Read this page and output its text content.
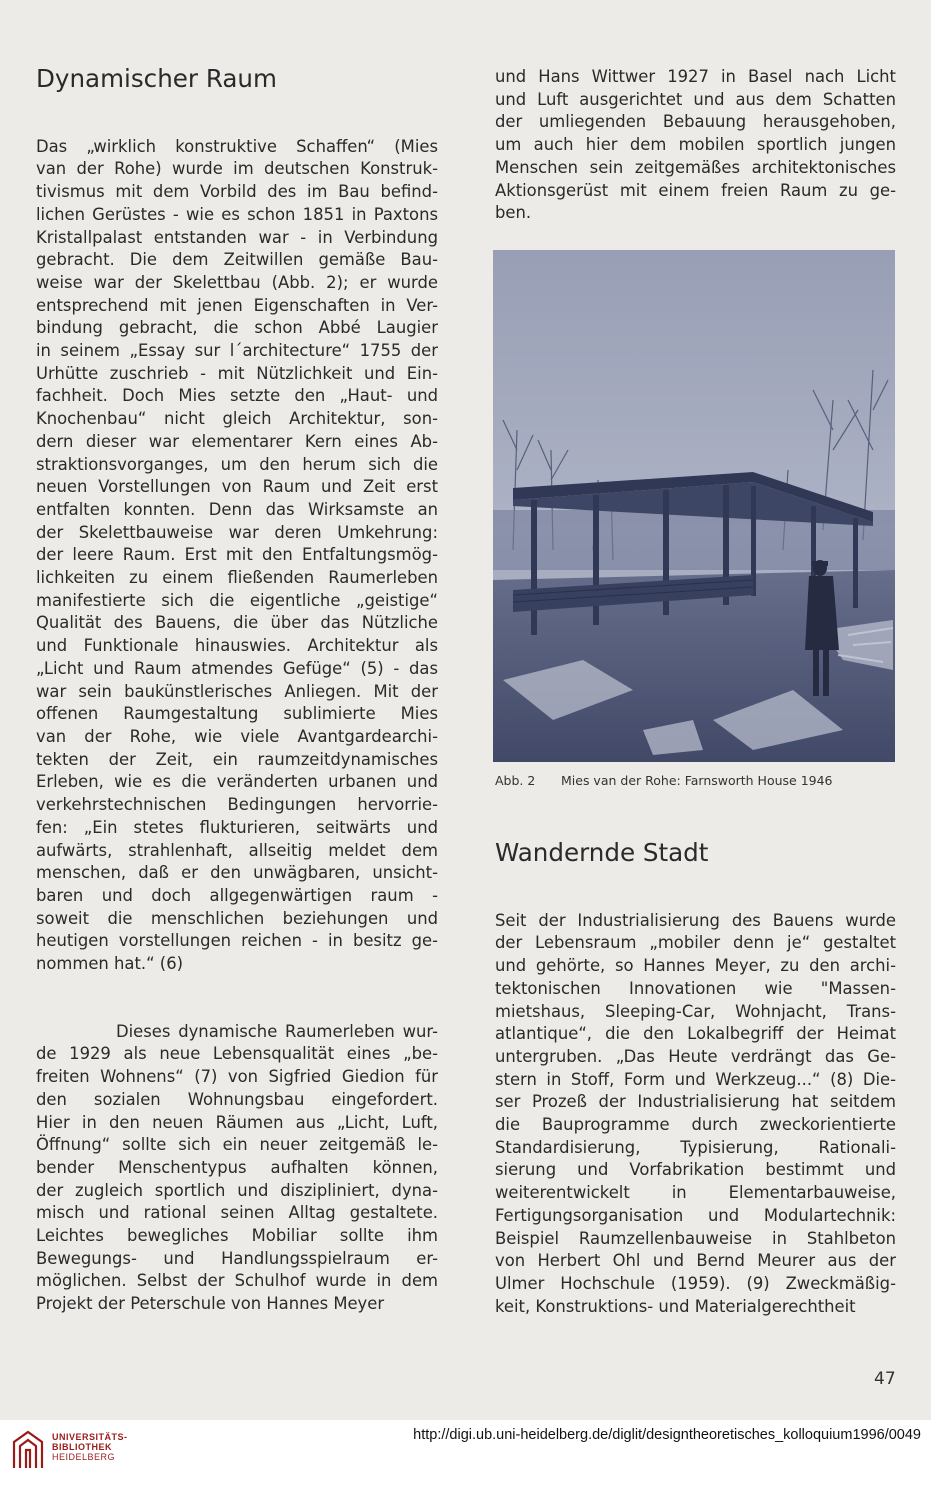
Dynamischer Raum

Das „wirklich konstruktive Schaffen“ (Mies
van der Rohe) wurde im deutschen Konstruk-
tivismus mit dem Vorbild des im Bau befind-
lichen Gerüstes - wie es schon 1851 in Paxtons
Kristallpalast entstanden war - in Verbindung
gebracht. Die dem Zeitwillen gemäße Bau-
weise war der Skelettbau (Abb. 2); er wurde
entsprechend mit jenen Eigenschaften in Ver-
bindung gebracht, die schon Abbé Laugier
in seinem „Essay sur l´architecture“ 1755 der
Urhütte zuschrieb - mit Nützlichkeit und Ein-
fachheit. Doch Mies setzte den „Haut- und
Knochenbau“ nicht gleich Architektur, son-
dern dieser war elementarer Kern eines Ab-
straktionsvorganges, um den herum sich die
neuen Vorstellungen von Raum und Zeit erst
entfalten konnten. Denn das Wirksamste an
der Skelettbauweise war deren Umkehrung:
der leere Raum. Erst mit den Entfaltungsmög-
lichkeiten zu einem fließenden Raumerleben
manifestierte sich die eigentliche „geistige“
Qualität des Bauens, die über das Nützliche
und Funktionale hinauswies. Architektur als
„Licht und Raum atmendes Gefüge“ (5) - das
war sein baukünstlerisches Anliegen. Mit der
offenen Raumgestaltung sublimierte Mies
van der Rohe, wie viele Avantgardearchi-
tekten der Zeit, ein raumzeitdynamisches
Erleben, wie es die veränderten urbanen und
verkehrstechnischen Bedingungen hervorrie-
fen: „Ein stetes flukturieren, seitwärts und
aufwärts, strahlenhaft, allseitig meldet dem
menschen, daß er den unwägbaren, unsicht-
baren und doch allgegenwärtigen raum -
soweit die menschlichen beziehungen und
heutigen vorstellungen reichen - in besitz ge-
nommen hat.“ (6)

Dieses dynamische Raumerleben wur-
de 1929 als neue Lebensqualität eines „be-
freiten Wohnens“ (7) von Sigfried Giedion für
den sozialen Wohnungsbau eingefordert.
Hier in den neuen Räumen aus „Licht, Luft,
Öffnung“ sollte sich ein neuer zeitgemäß le-
bender Menschentypus aufhalten können,
der zugleich sportlich und diszipliniert, dyna-
misch und rational seinen Alltag gestaltete.
Leichtes bewegliches Mobiliar sollte ihm
Bewegungs- und Handlungsspielraum er-
möglichen. Selbst der Schulhof wurde in dem
Projekt der Peterschule von Hannes Meyer

und Hans Wittwer 1927 in Basel nach Licht
und Luft ausgerichtet und aus dem Schatten
der umliegenden Bebauung herausgehoben,
um auch hier dem mobilen sportlich jungen
Menschen sein zeitgemäßes architektonisches
Aktionsgerüst mit einem freien Raum zu ge-
ben.

Abb. 2 Mies van der Rohe: Farnsworth House 1946
Wandernde Stadt

Seit der Industrialisierung des Bauens wurde
der Lebensraum „mobiler denn je“ gestaltet
und gehörte, so Hannes Meyer, zu den archi-
tektonischen Innovationen wie "Massen-
mietshaus, Sleeping-Car, Wohnjacht, Trans-
atlantique“, die den Lokalbegriff der Heimat
untergruben. „Das Heute verdrängt das Ge-
stern in Stoff, Form und Werkzeug...“ (8) Die-
ser Prozeß der Industrialisierung hat seitdem
die Bauprogramme durch zweckorientierte
Standardisierung, Typisierung, Rationali-
sierung und Vorfabrikation bestimmt und
weiterentwickelt in Elementarbauweise,
Fertigungsorganisation und Modulartechnik:
Beispiel Raumzellenbauweise in Stahlbeton
von Herbert Ohl und Bernd Meurer aus der
Ulmer Hochschule (1959). (9) Zweckmäßig-
keit, Konstruktions- und Materialgerechtheit

47
UNIVERSITÄTS-
BIBLIOTHEK
HEIDELBERG
http://digi.ub.uni-heidelberg.de/diglit/designtheoretisches_kolloquium1996/0049
